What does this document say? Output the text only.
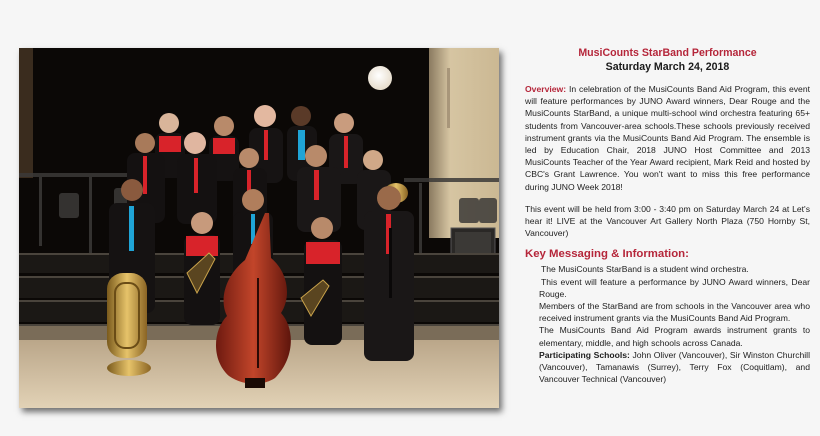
MusiCounts StarBand Performance
Saturday March 24, 2018

Overview: In celebration of the MusiCounts Band Aid Program, this event will feature performances by JUNO Award winners, Dear Rouge and the MusiCounts StarBand, a unique multi-school wind orchestra featuring 65+ students from Vancouver-area schools.These schools previously received instrument grants via the MusiCounts Band Aid Program. The ensemble is led by Education Chair, 2018 JUNO Host Committee and 2013 MusiCounts Teacher of the Year Award recipient, Mark Reid and hosted by CBC's Grant Lawrence. You won't want to miss this free performance during JUNO Week 2018!

This event will be held from 3:00 - 3:40 pm on Saturday March 24 at Let's hear it! LIVE at the Vancouver Art Gallery North Plaza (750 Hornby St, Vancouver)

Key Messaging & Information:
The MusiCounts StarBand is a student wind orchestra.
This event will feature a performance by JUNO Award winners, Dear Rouge.
Members of the StarBand are from schools in the Vancouver area who received instrument grants via the MusiCounts Band Aid Program.
The MusiCounts Band Aid Program awards instrument grants to elementary, middle, and high schools across Canada.
Participating Schools: John Oliver (Vancouver), Sir Winston Churchill (Vancouver), Tamanawis (Surrey), Terry Fox (Coquitlam), and Vancouver Technical (Vancouver)
